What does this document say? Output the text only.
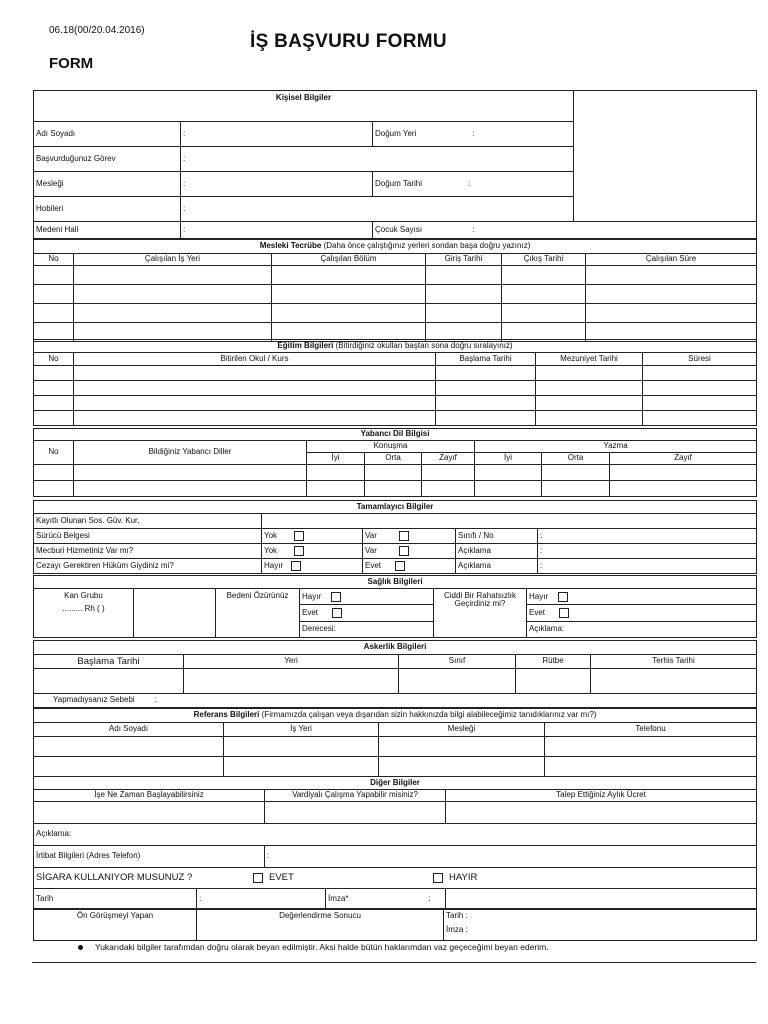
06.18(00/20.04.2016)
FORM
İŞ BAŞVURU FORMU
Kişisel Bilgiler			
Adı Soyadı	:	Doğum Yeri :	
Başvurduğunuz Görev	:		
Mesleği	:	Doğum Tarihi :	
Hobileri	:		
Medeni Hali	:	Çocuk Sayısı :	
Mesleki Tecrübe (Daha önce çalıştığınız yerleri sondan başa doğru yazınız)					
No	Çalışılan İş Yeri	Çalışılan Bölüm	Giriş Tarihi	Çıkış Tarihi	Çalışılan Süre

Eğitim Bilgileri (Bitirdiğiniz okulları baştan sona doğru sıralayınız)				
No	Bitirilen Okul / Kurs	Başlama Tarihi	Mezuniyet Tarihi	Süresi

Yabancı Dil Bilgisi							
No	Bildiğiniz Yabancı Diller	Konuşma			Yazma		
		İyi	Orta	Zayıf	İyi	Orta	Zayıf

Tamamlayıcı Bilgiler				
Kayıtlı Olunan Sos. Güv. Kur.				
Sürücü Belgesi	Yok	Var	Sınıfı / No	:
Mecburi Hizmetiniz Var mı?	Yok	Var	Açıklama	:
Cezayı Gerektiren Hüküm Giydiniz mi?	Hayır	Evet	Açıklama	:
Sağlık Bilgileri					

Kan Grubu
......... Rh ( )		Bedeni Özürünüz	Hayır	Ciddi Bir Rahatsızlık Geçirdiniz mi?	Hayır
			Evet		Evet
			Derecesi:		Açıklama:
Askerlik Bilgileri				
Başlama Tarihi	Yeri	Sınıf	Rütbe	Terhis Tarihi

Yapmadıysanız Sebebi :				
Referans Bilgileri (Firmamızda çalışan veya dışarıdan sizin hakkınızda bilgi alabileceğimiz tanıdıklarınız var mı?)			
Adı Soyadı	İş Yeri	Mesleği	Telefonu

Diğer Bilgiler				
İşe Ne Zaman Başlayabilirsiniz		Vardiyalı Çalışma Yapabilir misiniz?		Talep Ettiğiniz Aylık Ücret

Açıklama:				
İrtibat Bilgileri (Adres Telefon)		:		
SİGARA KULLANIYOR MUSUNUZ ? EVET HAYIR				
Tarih	:		İmza* :	
Ön Görüşmeyi Yapan	Değerlendirme Sonucu	Tarih :
İmza :
Yukarıdaki bilgiler tarafımdan doğru olarak beyan edilmiştir. Aksi halde bütün haklarımdan vaz geçeceğimi beyan ederim.
